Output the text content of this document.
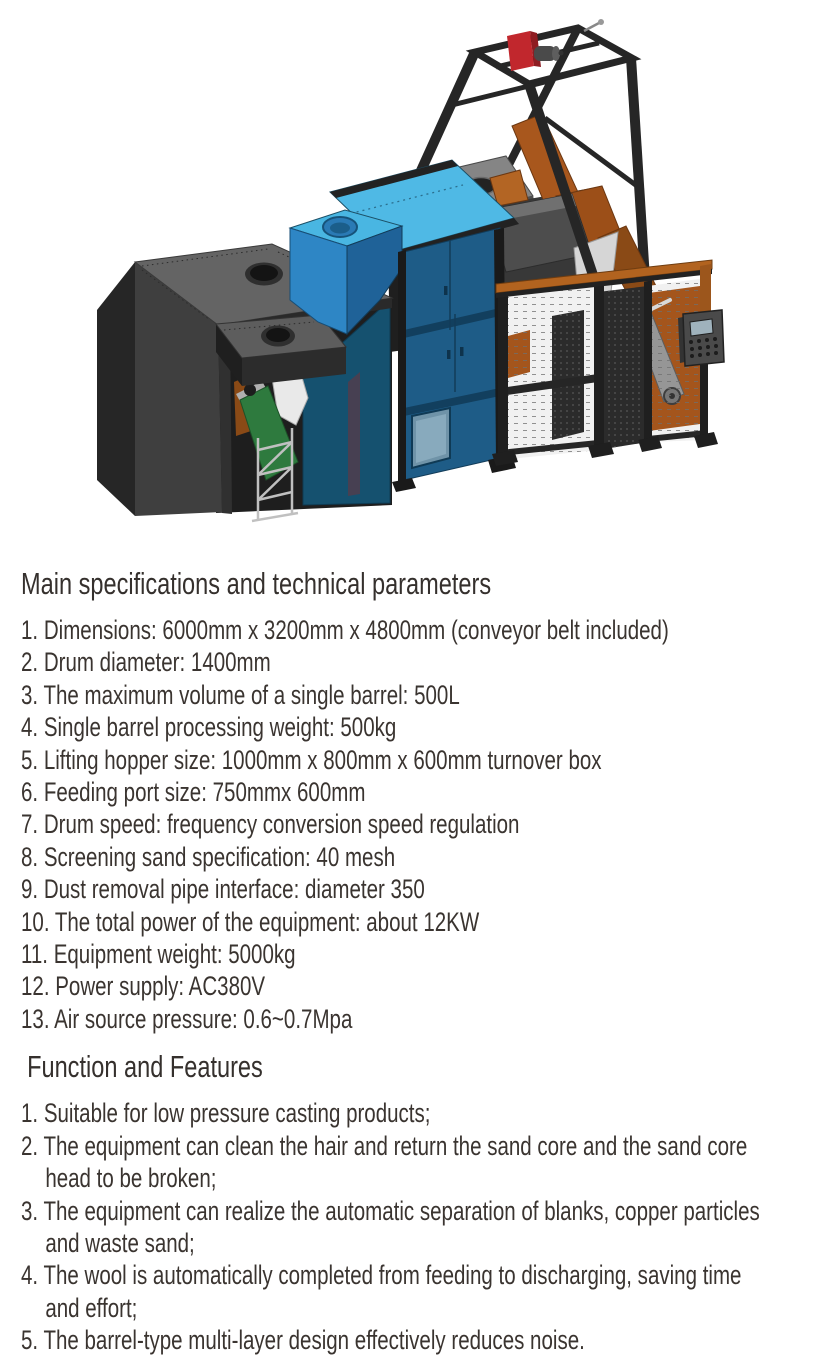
Main specifications and technical parameters
1. Dimensions: 6000mm x 3200mm x 4800mm (conveyor belt included)
2. Drum diameter: 1400mm
3. The maximum volume of a single barrel: 500L
4. Single barrel processing weight: 500kg
5. Lifting hopper size: 1000mm x 800mm x 600mm turnover box
6. Feeding port size: 750mmx 600mm
7. Drum speed: frequency conversion speed regulation
8. Screening sand specification: 40 mesh
9. Dust removal pipe interface: diameter 350
10. The total power of the equipment: about 12KW
11. Equipment weight: 5000kg
12. Power supply: AC380V
13. Air source pressure: 0.6~0.7Mpa
Function and Features
1. Suitable for low pressure casting products;
2. The equipment can clean the hair and return the sand core and the sand core head to be broken;
3. The equipment can realize the automatic separation of blanks, copper particles and waste sand;
4. The wool is automatically completed from feeding to discharging, saving time and effort;
5. The barrel-type multi-layer design effectively reduces noise.
